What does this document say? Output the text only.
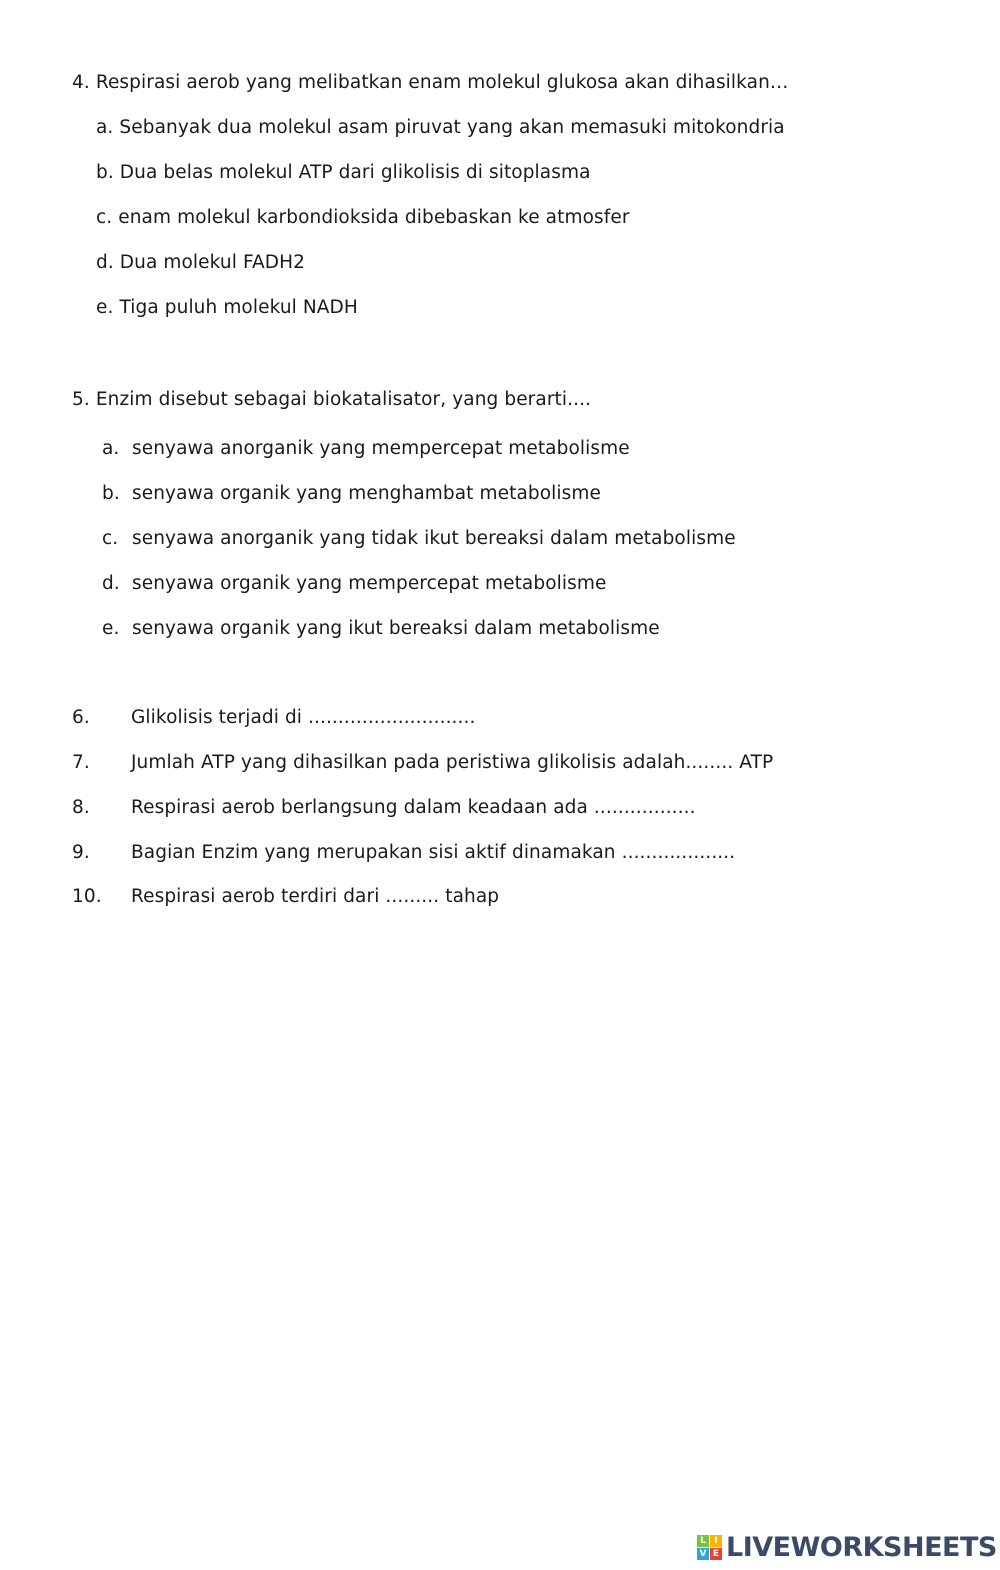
4. Respirasi aerob yang melibatkan enam molekul glukosa akan dihasilkan…
a. Sebanyak dua molekul asam piruvat yang akan memasuki mitokondria
b. Dua belas molekul ATP dari glikolisis di sitoplasma
c. enam molekul karbondioksida dibebaskan ke atmosfer
d. Dua molekul FADH2
e. Tiga puluh molekul NADH
5. Enzim disebut sebagai biokatalisator, yang berarti....
a. senyawa anorganik yang mempercepat metabolisme
b. senyawa organik yang menghambat metabolisme
c. senyawa anorganik yang tidak ikut bereaksi dalam metabolisme
d. senyawa organik yang mempercepat metabolisme
e. senyawa organik yang ikut bereaksi dalam metabolisme
6. Glikolisis terjadi di ............................
7. Jumlah ATP yang dihasilkan pada peristiwa glikolisis adalah........ ATP
8. Respirasi aerob berlangsung dalam keadaan ada .................
9. Bagian Enzim yang merupakan sisi aktif dinamakan ...................
10. Respirasi aerob terdiri dari ......... tahap
L I
V E LIVEWORKSHEETS
